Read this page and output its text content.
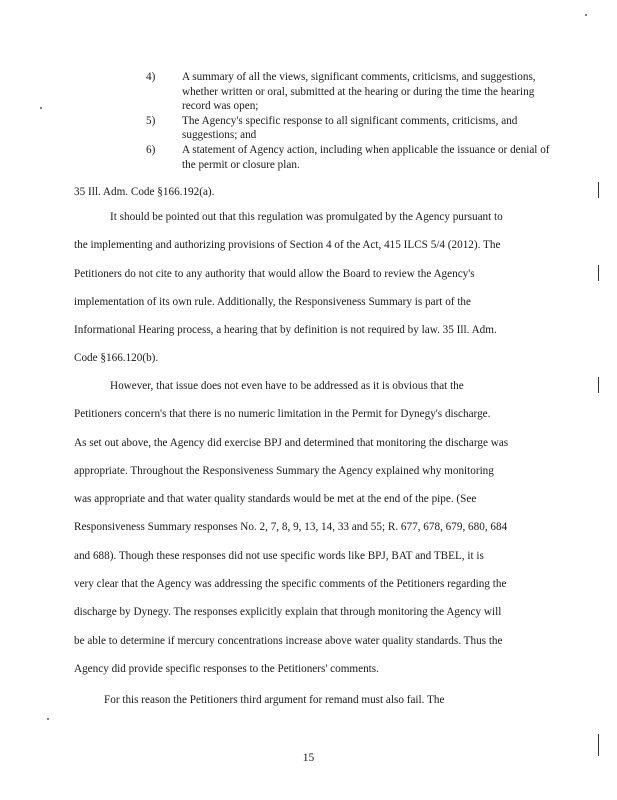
4)	A summary of all the views, significant comments, criticisms, and suggestions, whether written or oral, submitted at the hearing or during the time the hearing record was open;
5)	The Agency's specific response to all significant comments, criticisms, and suggestions; and
6)	A statement of Agency action, including when applicable the issuance or denial of the permit or closure plan.

35 Ill. Adm. Code §166.192(a).

It should be pointed out that this regulation was promulgated by the Agency pursuant to
the implementing and authorizing provisions of Section 4 of the Act, 415 ILCS 5/4 (2012). The
Petitioners do not cite to any authority that would allow the Board to review the Agency's
implementation of its own rule. Additionally, the Responsiveness Summary is part of the
Informational Hearing process, a hearing that by definition is not required by law. 35 Ill. Adm.
Code §166.120(b).

However, that issue does not even have to be addressed as it is obvious that the
Petitioners concern's that there is no numeric limitation in the Permit for Dynegy's discharge.
As set out above, the Agency did exercise BPJ and determined that monitoring the discharge was
appropriate. Throughout the Responsiveness Summary the Agency explained why monitoring
was appropriate and that water quality standards would be met at the end of the pipe. (See
Responsiveness Summary responses No. 2, 7, 8, 9, 13, 14, 33 and 55; R. 677, 678, 679, 680, 684
and 688). Though these responses did not use specific words like BPJ, BAT and TBEL, it is
very clear that the Agency was addressing the specific comments of the Petitioners regarding the
discharge by Dynegy. The responses explicitly explain that through monitoring the Agency will
be able to determine if mercury concentrations increase above water quality standards. Thus the
Agency did provide specific responses to the Petitioners' comments.

For this reason the Petitioners third argument for remand must also fail. The

15
